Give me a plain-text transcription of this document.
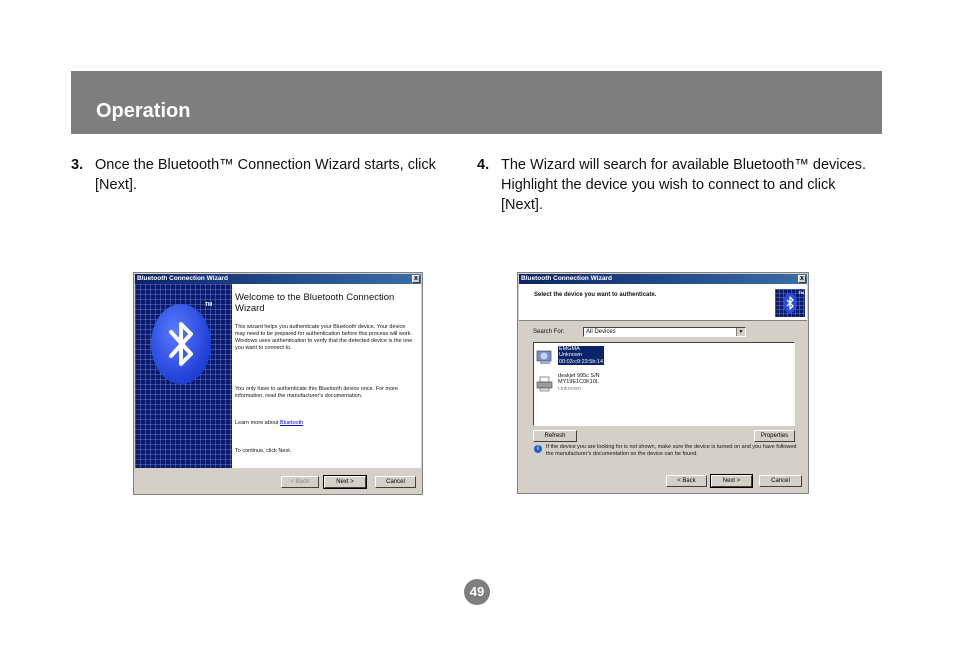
Operation
3. Once the Bluetooth™ Connection Wizard starts, click [Next].
4. The Wizard will search for available Bluetooth™ devices. Highlight the device you wish to connect to and click [Next].
Bluetooth Connection Wizard	x
TM
Welcome to the Bluetooth Connection Wizard
This wizard helps you authenticate your Bluetooth device. Your device may need to be prepared for authentication before this process will work. Windows uses authentication to verify that the detected device is the one you want to connect to.
You only have to authenticate this Bluetooth device once. For more information, read the manufacturer's documentation.
Learn more about Bluetooth
To continue, click Next.
< Back	Next >	Cancel
Bluetooth Connection Wizard	x
Select the device you want to authenticate.	TM
Search For:	All Devices	▼
EMGMA
Unknown
00:03:c9:23:5b:14
deskjet 995c S/N
MY19E1C0K10L
Unknown
Refresh	Properties
i	If the device you are looking for is not shown, make sure the device is turned on and you have followed the manufacturer's documentation so the device can be found.
< Back	Next >	Cancel
49
